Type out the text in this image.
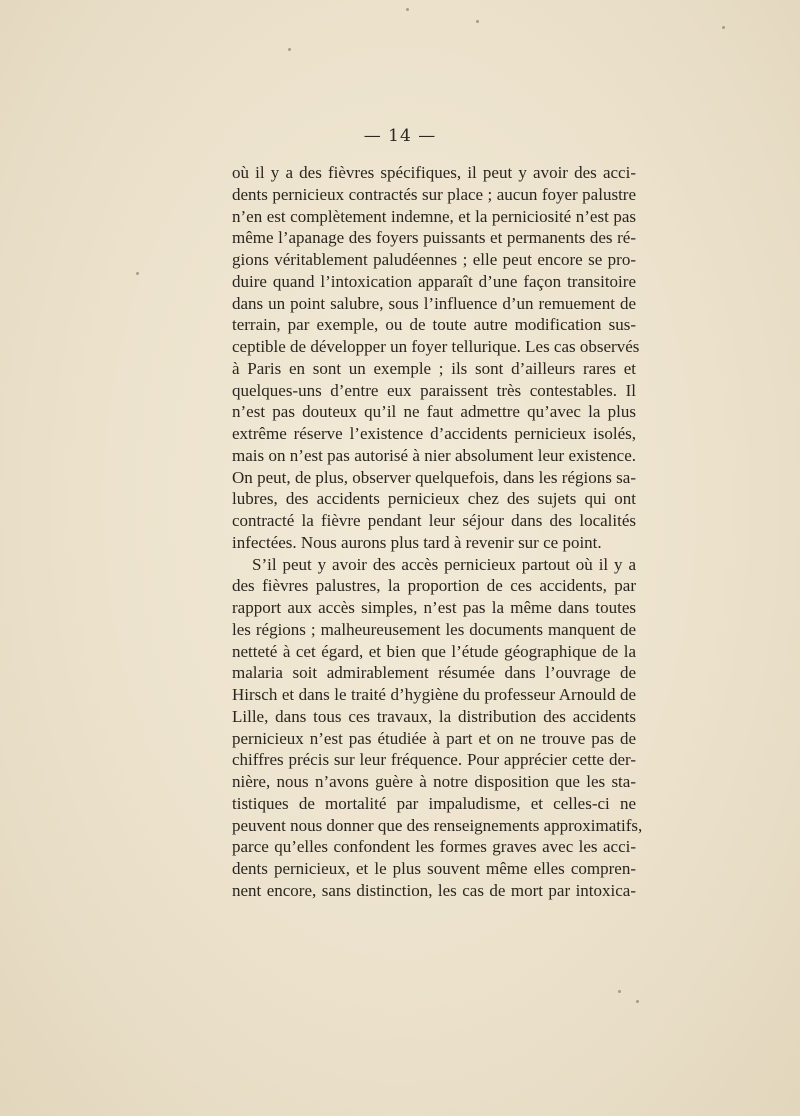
— 14 —
où il y a des fièvres spécifiques, il peut y avoir des acci-
dents pernicieux contractés sur place ; aucun foyer palustre
n’en est complètement indemne, et la perniciosité n’est pas
même l’apanage des foyers puissants et permanents des ré-
gions véritablement paludéennes ; elle peut encore se pro-
duire quand l’intoxication apparaît d’une façon transitoire
dans un point salubre, sous l’influence d’un remuement de
terrain, par exemple, ou de toute autre modification sus-
ceptible de développer un foyer tellurique. Les cas observés
à Paris en sont un exemple ; ils sont d’ailleurs rares et
quelques-uns d’entre eux paraissent très contestables. Il
n’est pas douteux qu’il ne faut admettre qu’avec la plus
extrême réserve l’existence d’accidents pernicieux isolés,
mais on n’est pas autorisé à nier absolument leur existence.
On peut, de plus, observer quelquefois, dans les régions sa-
lubres, des accidents pernicieux chez des sujets qui ont
contracté la fièvre pendant leur séjour dans des localités
infectées. Nous aurons plus tard à revenir sur ce point.
S’il peut y avoir des accès pernicieux partout où il y a
des fièvres palustres, la proportion de ces accidents, par
rapport aux accès simples, n’est pas la même dans toutes
les régions ; malheureusement les documents manquent de
netteté à cet égard, et bien que l’étude géographique de la
malaria soit admirablement résumée dans l’ouvrage de
Hirsch et dans le traité d’hygiène du professeur Arnould de
Lille, dans tous ces travaux, la distribution des accidents
pernicieux n’est pas étudiée à part et on ne trouve pas de
chiffres précis sur leur fréquence. Pour apprécier cette der-
nière, nous n’avons guère à notre disposition que les sta-
tistiques de mortalité par impaludisme, et celles-ci ne
peuvent nous donner que des renseignements approximatifs,
parce qu’elles confondent les formes graves avec les acci-
dents pernicieux, et le plus souvent même elles compren-
nent encore, sans distinction, les cas de mort par intoxica-
